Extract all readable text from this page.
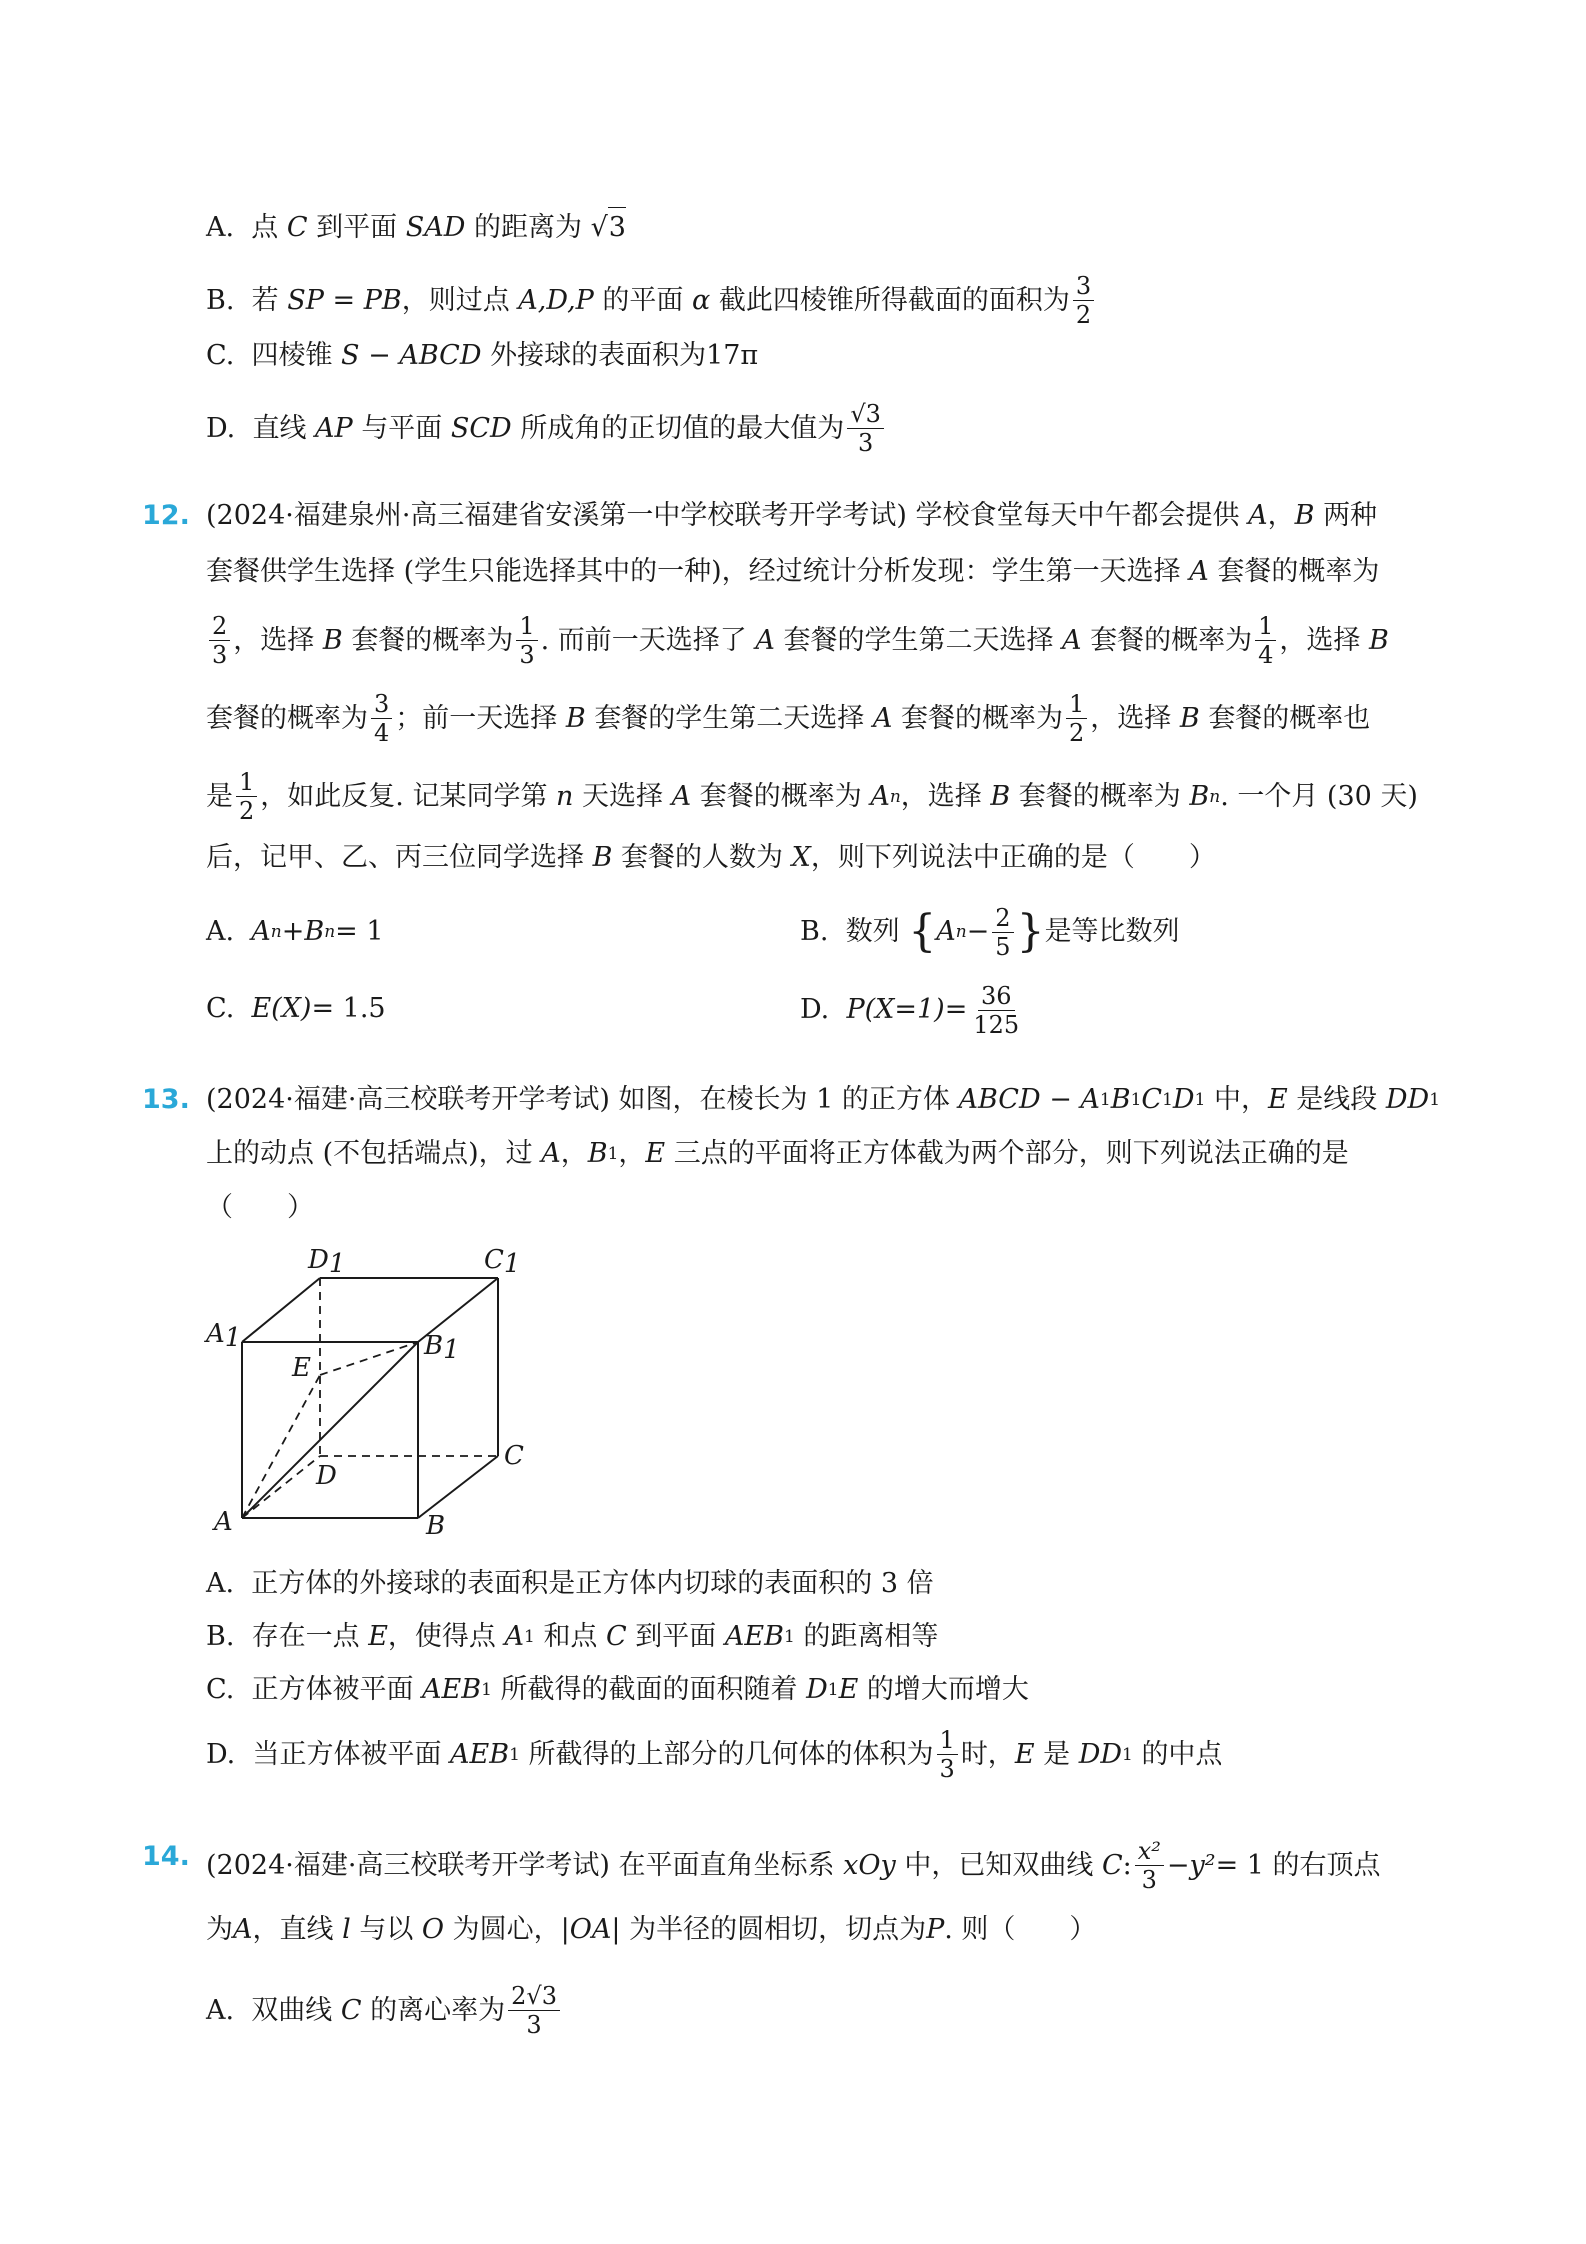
A.
点
C
到平面
SAD
的距离为
√ 3
B.
若
SP
=
PB ，则过点
A,D,P
的平面
α
截此四棱锥所得截面的面积为 $\frac{3}{2}$
C.
四棱锥
S − ABCD
外接球的表面积为17π
D.
直线
AP
与平面
SCD
所成角的正切值的最大值为 $\frac{√3}{3}$
12. (2024·福建泉州·高三福建省安溪第一中学校联考开学考试) 学校食堂每天中午都会提供
A ， B
两种
套餐供学生选择 (学生只能选择其中的一种)，经过统计分析发现：学生第一天选择
A
套餐的概率为
$\frac{2}{3}$ ，选择
B
套餐的概率为 $\frac{1}{3}$ . 而前一天选择了
A
套餐的学生第二天选择
A
套餐的概率为 $\frac{1}{4}$ ，选择
B
套餐的概率为 $\frac{3}{4}$ ；前一天选择
B
套餐的学生第二天选择
A
套餐的概率为 $\frac{1}{2}$ ，选择
B
套餐的概率也
是 $\frac{1}{2}$ ，如此反复. 记某同学第
n
天选择
A
套餐的概率为
A n ，选择
B
套餐的概率为
B n . 一个月 (30 天)
后，记甲、乙、丙三位同学选择
B
套餐的人数为
X ，则下列说法中正确的是（　　）
A.
A n + B n = 1	B.
数列
{ A $n - \frac{2}{5}$ } 是等比数列
C.
E(X) = 1.5	D.
$P(X=1) = \frac{36}{125}$
13. (2024·福建·高三校联考开学考试) 如图，在棱长为 1 的正方体
ABCD − A 1 B 1 C 1 D 1
中， E
是线段
DD 1
上的动点 (不包括端点)，过
A ， B 1 ， E
三点的平面将正方体截为两个部分，则下列说法正确的是
（　　）
D1	C1
A1	B1
E
D
C
A	B
A.
正方体的外接球的表面积是正方体内切球的表面积的 3 倍
B.
存在一点
E ，使得点
A 1
和点
C
到平面
AEB 1
的距离相等
C.
正方体被平面
AEB 1
所截得的截面的面积随着
D 1 E
的增大而增大
D.
当正方体被平面
AEB 1
所截得的上部分的几何体的体积为 $\frac{1}{3}$ 时， E
是
DD 1
的中点
14. (2024·福建·高三校联考开学考试) 在平面直角坐标系
xOy
中，已知双曲线
C : $\frac{\text{x²}}{3} - y^2 = 1$ 的右顶点
为 A ，直线
l
与以
O
为圆心， |OA|
为半径的圆相切，切点为 P . 则（　　）
A.
双曲线
C
的离心率为 $\frac{2√3}{3}$
